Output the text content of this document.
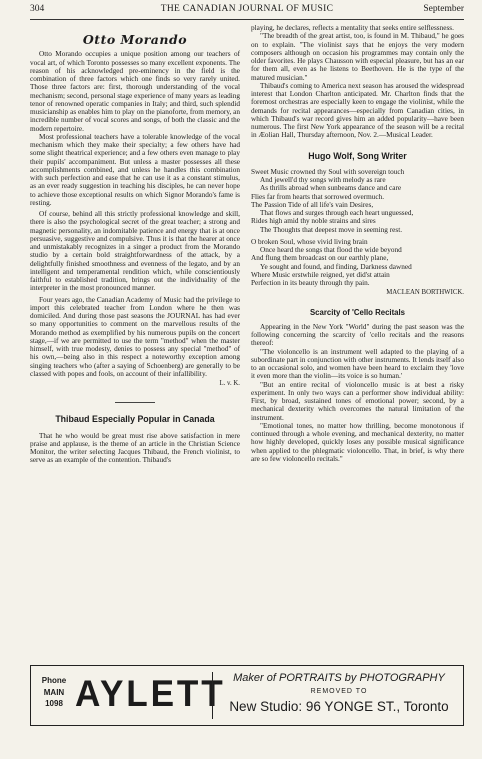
304	THE CANADIAN JOURNAL OF MUSIC	September
Otto Morando

Otto Morando occupies a unique position among our teachers of vocal art, of which Toronto possesses so many excellent exponents. The reason of his acknowledged pre-eminency in the field is the combination of three factors which one finds so very rarely united. Those three factors are: first, thorough understanding of the vocal mechanism; second, personal stage experience of many years as leading tenor of renowned operatic companies in Italy; and third, such splendid musicianship as enables him to play on the pianoforte, from memory, an incredible number of vocal scores and songs, of both the classic and the modern repertoire.

Most professional teachers have a tolerable knowledge of the vocal mechanism which they make their specialty; a few others have had some slight theatrical experience; and a few others even manage to play their pupils' accompaniment. But unless a master possesses all these accomplishments combined, and unless he handles this combination with such perfection and ease that he can use it as a constant stimulus, as an ever ready suggestion in teaching his disciples, he can never hope to achieve those exceptional results on which Signor Morando's fame is resting.

Of course, behind all this strictly professional knowledge and skill, there is also the psychological secret of the great teacher; a strong and magnetic personality, an indomitable patience and energy that is at once persuasive, suggestive and compulsive. Thus it is that the hearer at once and unmistakably recognizes in a singer a product from the Morando studio by a certain bold straightforwardness of the attack, by a delightfully finished smoothness and evenness of the legato, and by an intelligent and temperamental rendition which, while conscientiously faithful to established tradition, brings out the individuality of the interpreter in the most pronounced manner.

Four years ago, the Canadian Academy of Music had the privilege to import this celebrated teacher from London where he then was domiciled. And during those past seasons the JOURNAL has had ever so many opportunities to comment on the marvellous results of the Morando method as exemplified by his numerous pupils on the concert stage,—if we are permitted to use the term "method" when the master himself, with true modesty, denies to possess any special "method" of his own,—being also in this respect a noteworthy exception among singing teachers who (after a saying of Schoenberg) are generally to be classed with popes and fools, on account of their infallibility.

L. v. K.
Thibaud Especially Popular in Canada

That he who would be great must rise above satisfaction in mere praise and applause, is the theme of an article in the Christian Science Monitor, the writer selecting Jacques Thibaud, the French violinist, to serve as an example of the contention. Thibaud's

playing, he declares, reflects a mentality that seeks entire selflessness.

"The breadth of the great artist, too, is found in M. Thibaud," he goes on to explain. "The violinist says that he enjoys the very modern composers although on occasion his programmes may contain only the older favorites. He plays Chausson with especial pleasure, but has an ear for them all, even as he listens to Beethoven. He is the type of the matured musician."

Thibaud's coming to America next season has aroused the widespread interest that London Charlton anticipated. Mr. Charlton finds that the foremost orchestras are especially keen to engage the violinist, while the demands for recital appearances—especially from Canadian cities, in which Thibaud's war record gives him an added popularity—have been numerous. The first New York appearance of the season will be a recital in Æolian Hall, Thursday afternoon, Nov. 2.—Musical Leader.

Hugo Wolf, Song Writer
Sweet Music crowned thy Soul with sovereign touch
And jewell'd thy songs with melody as rare
As thrills abroad when sunbeams dance and care
Flies far from hearts that sorrowed overmuch.
The Passion Tide of all life's vain Desires,
That flows and surges through each heart unguessed,
Rides high amid thy noble strains and sires
The Thoughts that deepest move in seeming rest.
O broken Soul, whose vivid living brain
Once heard the songs that flood the wide beyond
And flung them broadcast on our earthly plane,
Ye sought and found, and finding, Darkness dawned
Where Music erstwhile reigned, yet did'st attain
Perfection in its beauty through thy pain.
MACLEAN BORTHWICK.
Scarcity of 'Cello Recitals

Appearing in the New York "World" during the past season was the following concerning the scarcity of 'cello recitals and the reasons thereof:

"The violoncello is an instrument well adapted to the playing of a subordinate part in conjunction with other instruments. It lends itself also to an occasional solo, and women have been heard to exclaim they 'love it even more than the violin—its voice is so human.'

"But an entire recital of violoncello music is at best a risky experiment. In only two ways can a performer show individual ability: First, by broad, sustained tones of emotional power; second, by a mechanical dexterity which overcomes the natural limitation of the instrument.

"Emotional tones, no matter how thrilling, become monotonous if continued through a whole evening, and mechanical dexterity, no matter how highly developed, quickly loses any possible musical significance when applied to the phlegmatic violoncello. That, in brief, is why there are so few violoncello recitals."

Phone
MAIN
1098 AYLETT Maker of PORTRAITS by PHOTOGRAPHY
REMOVED TO
New Studio: 96 YONGE ST., Toronto
